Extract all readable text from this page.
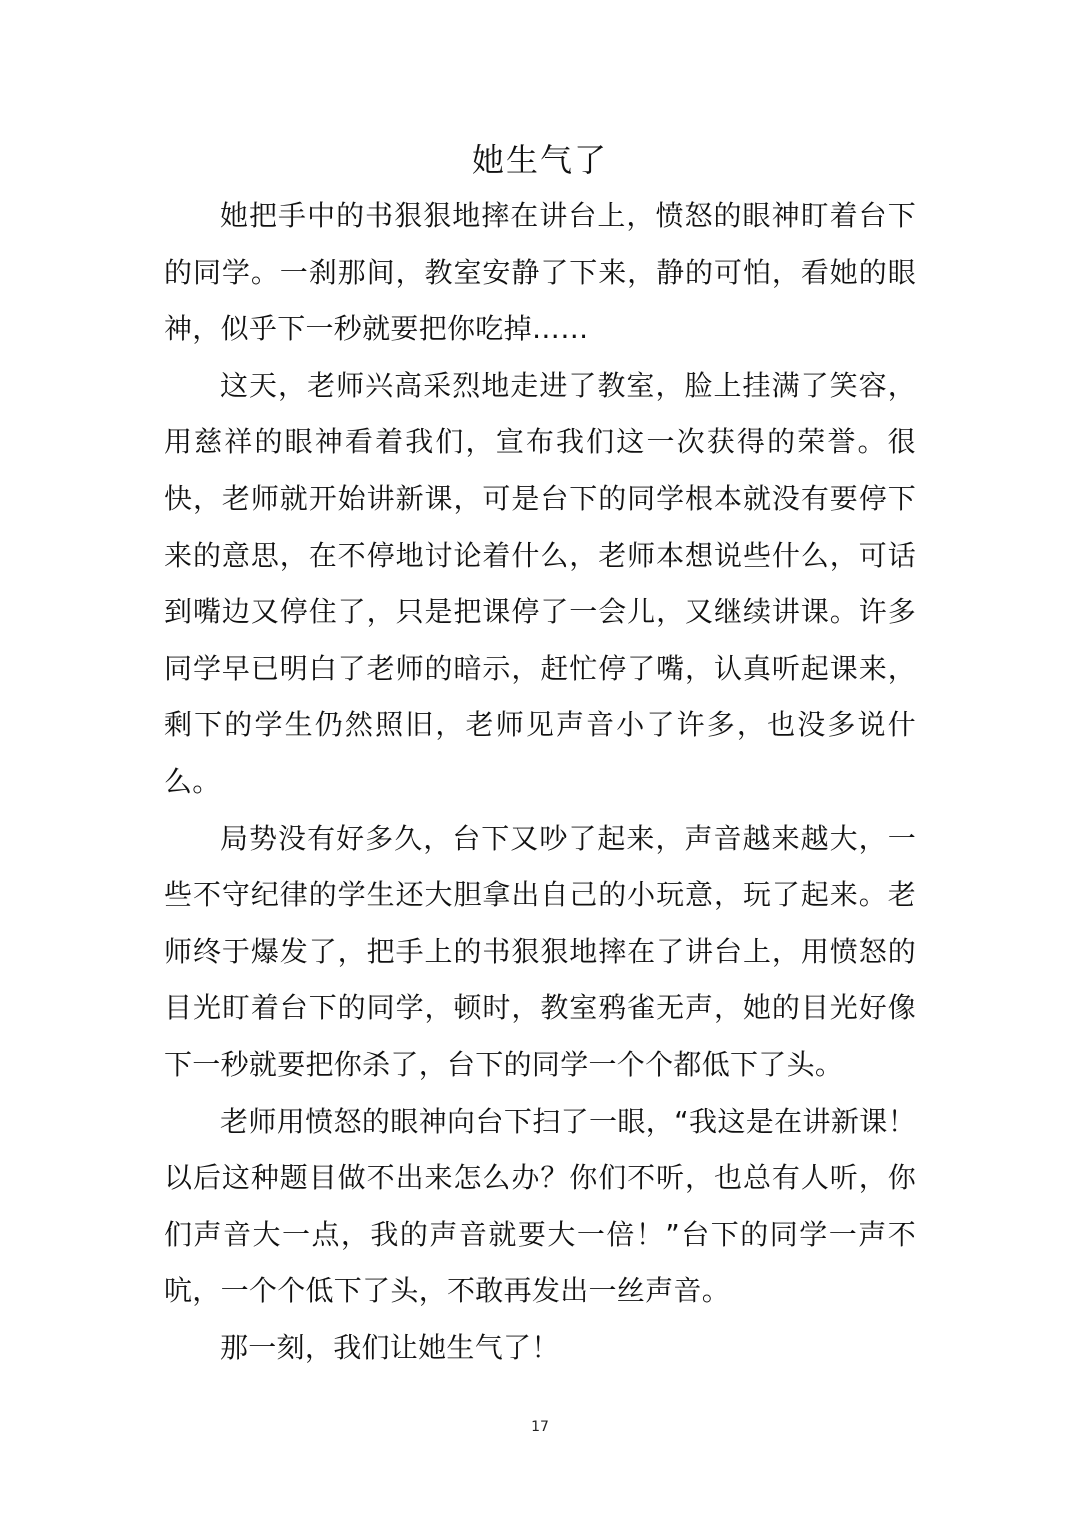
她生气了

她把手中的书狠狠地摔在讲台上，愤怒的眼神盯着台下的同学。一刹那间，教室安静了下来，静的可怕，看她的眼神，似乎下一秒就要把你吃掉……

这天，老师兴高采烈地走进了教室，脸上挂满了笑容，用慈祥的眼神看着我们，宣布我们这一次获得的荣誉。很快，老师就开始讲新课，可是台下的同学根本就没有要停下来的意思，在不停地讨论着什么，老师本想说些什么，可话到嘴边又停住了，只是把课停了一会儿，又继续讲课。许多同学早已明白了老师的暗示，赶忙停了嘴，认真听起课来，剩下的学生仍然照旧，老师见声音小了许多，也没多说什么。

局势没有好多久，台下又吵了起来，声音越来越大，一些不守纪律的学生还大胆拿出自己的小玩意，玩了起来。老师终于爆发了，把手上的书狠狠地摔在了讲台上，用愤怒的目光盯着台下的同学，顿时，教室鸦雀无声，她的目光好像下一秒就要把你杀了，台下的同学一个个都低下了头。

老师用愤怒的眼神向台下扫了一眼，“我这是在讲新课！以后这种题目做不出来怎么办？你们不听，也总有人听，你们声音大一点，我的声音就要大一倍！”台下的同学一声不吭，一个个低下了头，不敢再发出一丝声音。

那一刻，我们让她生气了！

17
